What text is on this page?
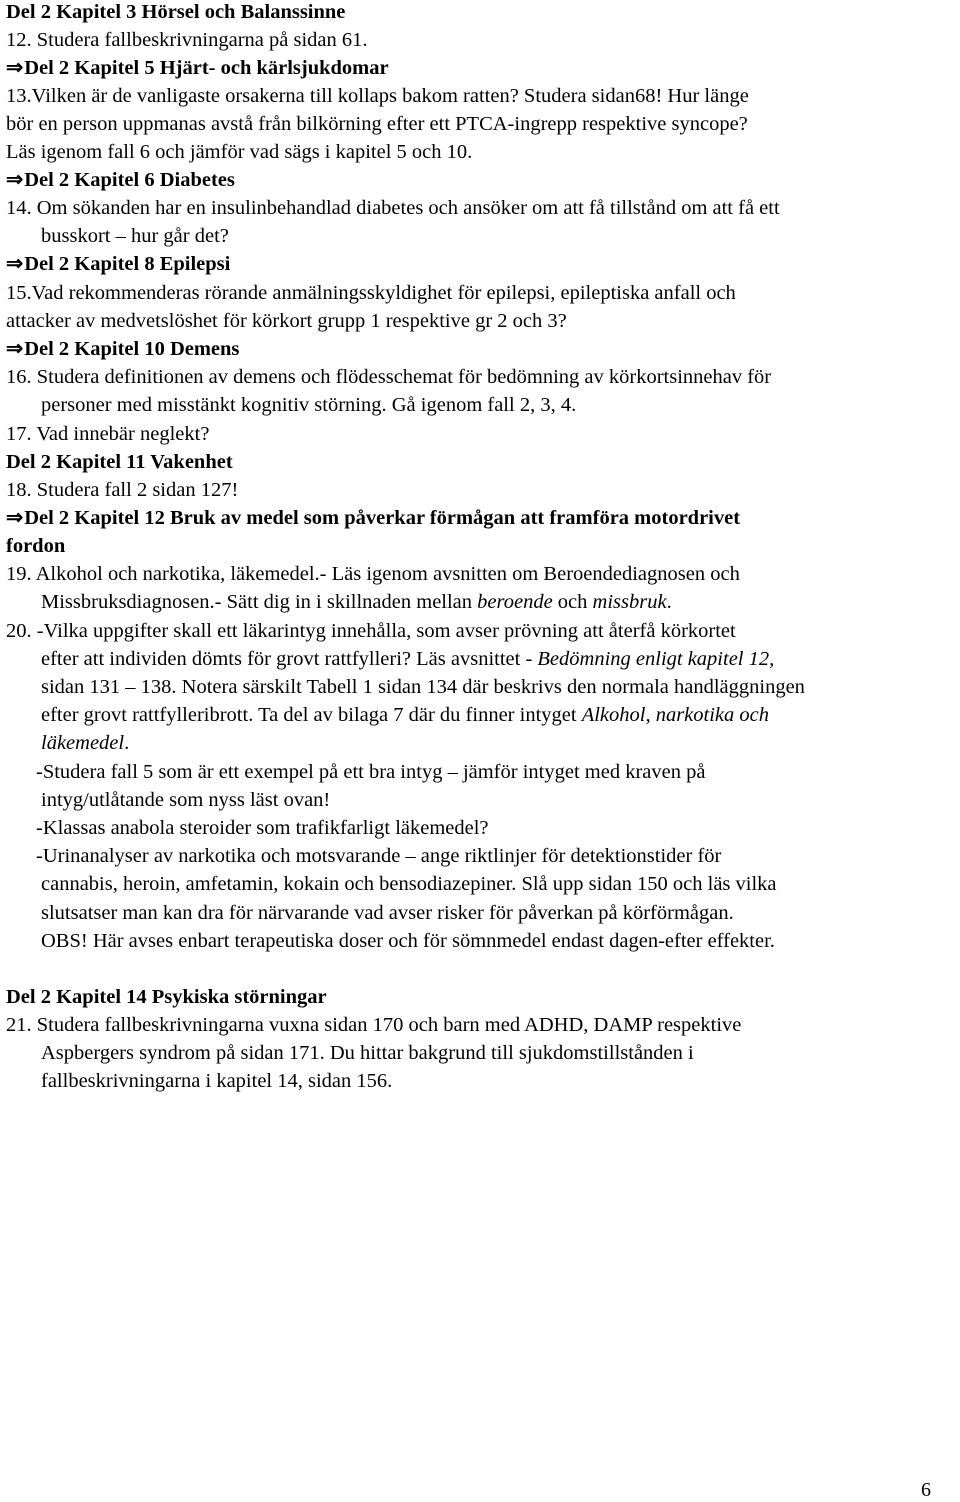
Del 2 Kapitel 3 Hörsel och Balanssinne
12. Studera fallbeskrivningarna på sidan 61.
⇒Del 2 Kapitel 5 Hjärt- och kärlsjukdomar
13.Vilken är de vanligaste orsakerna till kollaps bakom ratten? Studera sidan68! Hur länge
bör en person uppmanas avstå från bilkörning efter ett PTCA-ingrepp respektive syncope?
Läs igenom fall 6 och jämför vad sägs i kapitel 5 och 10.
⇒Del 2 Kapitel 6 Diabetes
14. Om sökanden har en insulinbehandlad diabetes och ansöker om att få tillstånd om att få ett
busskort – hur går det?
⇒Del 2 Kapitel 8 Epilepsi
15.Vad rekommenderas rörande anmälningsskyldighet för epilepsi, epileptiska anfall och
attacker av medvetslöshet för körkort grupp 1 respektive gr 2 och 3?
⇒Del 2 Kapitel 10 Demens
16. Studera definitionen av demens och flödesschemat för bedömning av körkortsinnehav för
personer med misstänkt kognitiv störning. Gå igenom fall 2, 3, 4.
17. Vad innebär neglekt?
Del 2 Kapitel 11 Vakenhet
18. Studera fall 2 sidan 127!
⇒Del 2 Kapitel 12 Bruk av medel som påverkar förmågan att framföra motordrivet
fordon
19. Alkohol och narkotika, läkemedel.- Läs igenom avsnitten om Beroendediagnosen och
Missbruksdiagnosen.- Sätt dig in i skillnaden mellan beroende och missbruk.
20. -Vilka uppgifter skall ett läkarintyg innehålla, som avser prövning att återfå körkortet
efter att individen dömts för grovt rattfylleri? Läs avsnittet - Bedömning enligt kapitel 12,
sidan 131 – 138. Notera särskilt Tabell 1 sidan 134 där beskrivs den normala handläggningen
efter grovt rattfylleribrott. Ta del av bilaga 7 där du finner intyget Alkohol, narkotika och
läkemedel.
-Studera fall 5 som är ett exempel på ett bra intyg – jämför intyget med kraven på
intyg/utlåtande som nyss läst ovan!
-Klassas anabola steroider som trafikfarligt läkemedel?
-Urinanalyser av narkotika och motsvarande – ange riktlinjer för detektionstider för
cannabis, heroin, amfetamin, kokain och bensodiazepiner. Slå upp sidan 150 och läs vilka
slutsatser man kan dra för närvarande vad avser risker för påverkan på körförmågan.
OBS! Här avses enbart terapeutiska doser och för sömnmedel endast dagen-efter effekter.
Del 2 Kapitel 14 Psykiska störningar
21. Studera fallbeskrivningarna vuxna sidan 170 och barn med ADHD, DAMP respektive
Aspbergers syndrom på sidan 171. Du hittar bakgrund till sjukdomstillstånden i
fallbeskrivningarna i kapitel 14, sidan 156.
6
